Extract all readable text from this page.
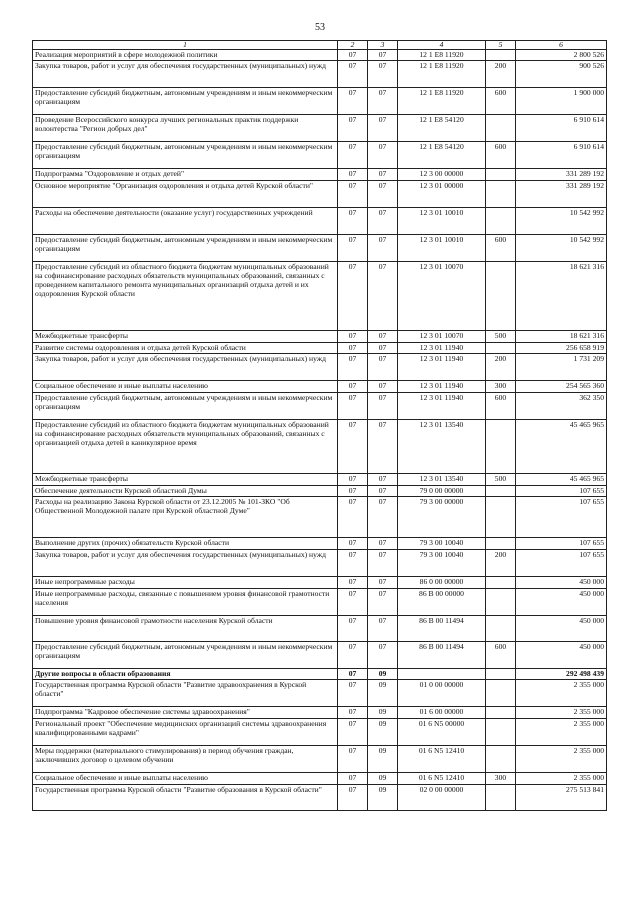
53
1	2	3	4	5	6
Реализация мероприятий в сфере молодежной политики	07	07	12 1 E8 11920		2 800 526
Закупка товаров, работ и услуг для обеспечения государственных (муниципальных) нужд	07	07	12 1 E8 11920	200	900 526
Предоставление субсидий бюджетным, автономным учреждениям и иным некоммерческим организациям	07	07	12 1 E8 11920	600	1 900 000
Проведение Всероссийского конкурса лучших региональных практик поддержки волонтерства "Регион добрых дел"	07	07	12 1 E8 54120		6 910 614
Предоставление субсидий бюджетным, автономным учреждениям и иным некоммерческим организациям	07	07	12 1 E8 54120	600	6 910 614
Подпрограмма "Оздоровление и отдых детей"	07	07	12 3 00 00000		331 289 192
Основное мероприятие "Организация оздоровления и отдыха детей Курской области"	07	07	12 3 01 00000		331 289 192
Расходы на обеспечение деятельности (оказание услуг) государственных учреждений	07	07	12 3 01 10010		10 542 992
Предоставление субсидий бюджетным, автономным учреждениям и иным некоммерческим организациям	07	07	12 3 01 10010	600	10 542 992
Предоставление субсидий из областного бюджета бюджетам муниципальных образований на софинансирование расходных обязательств муниципальных образований, связанных с проведением капитального ремонта муниципальных организаций отдыха детей и их оздоровления Курской области	07	07	12 3 01 10070		18 621 316
Межбюджетные трансферты	07	07	12 3 01 10070	500	18 621 316
Развитие системы оздоровления и отдыха детей Курской области	07	07	12 3 01 11940		256 658 919
Закупка товаров, работ и услуг для обеспечения государственных (муниципальных) нужд	07	07	12 3 01 11940	200	1 731 209
Социальное обеспечение и иные выплаты населению	07	07	12 3 01 11940	300	254 565 360
Предоставление субсидий бюджетным, автономным учреждениям и иным некоммерческим организациям	07	07	12 3 01 11940	600	362 350
Предоставление субсидий из областного бюджета бюджетам муниципальных образований на софинансирование расходных обязательств муниципальных образований, связанных с организацией отдыха детей в каникулярное время	07	07	12 3 01 13540		45 465 965
Межбюджетные трансферты	07	07	12 3 01 13540	500	45 465 965
Обеспечение деятельности Курской областной Думы	07	07	79 0 00 00000		107 655
Расходы на реализацию Закона Курской области от 23.12.2005 № 101-ЗКО "Об Общественной Молодежной палате при Курской областной Думе"	07	07	79 3 00 00000		107 655
Выполнение других (прочих) обязательств Курской области	07	07	79 3 00 10040		107 655
Закупка товаров, работ и услуг для обеспечения государственных (муниципальных) нужд	07	07	79 3 00 10040	200	107 655
Иные непрограммные расходы	07	07	86 0 00 00000		450 000
Иные непрограммные расходы, связанные с повышением уровня финансовой грамотности населения	07	07	86 В 00 00000		450 000
Повышение уровня финансовой грамотности населения Курской области	07	07	86 В 00 11494		450 000
Предоставление субсидий бюджетным, автономным учреждениям и иным некоммерческим организациям	07	07	86 В 00 11494	600	450 000
Другие вопросы в области образования	07	09			292 498 439
Государственная программа Курской области "Развитие здравоохранения в Курской области"	07	09	01 0 00 00000		2 355 000
Подпрограмма "Кадровое обеспечение системы здравоохранения"	07	09	01 6 00 00000		2 355 000
Региональный проект "Обеспечение медицинских организаций системы здравоохранения квалифицированными кадрами"	07	09	01 6 N5 00000		2 355 000
Меры поддержки (материального стимулирования) в период обучения граждан, заключивших договор о целевом обучении	07	09	01 6 N5 12410		2 355 000
Социальное обеспечение и иные выплаты населению	07	09	01 6 N5 12410	300	2 355 000
Государственная программа Курской области "Развитие образования в Курской области"	07	09	02 0 00 00000		275 513 841
